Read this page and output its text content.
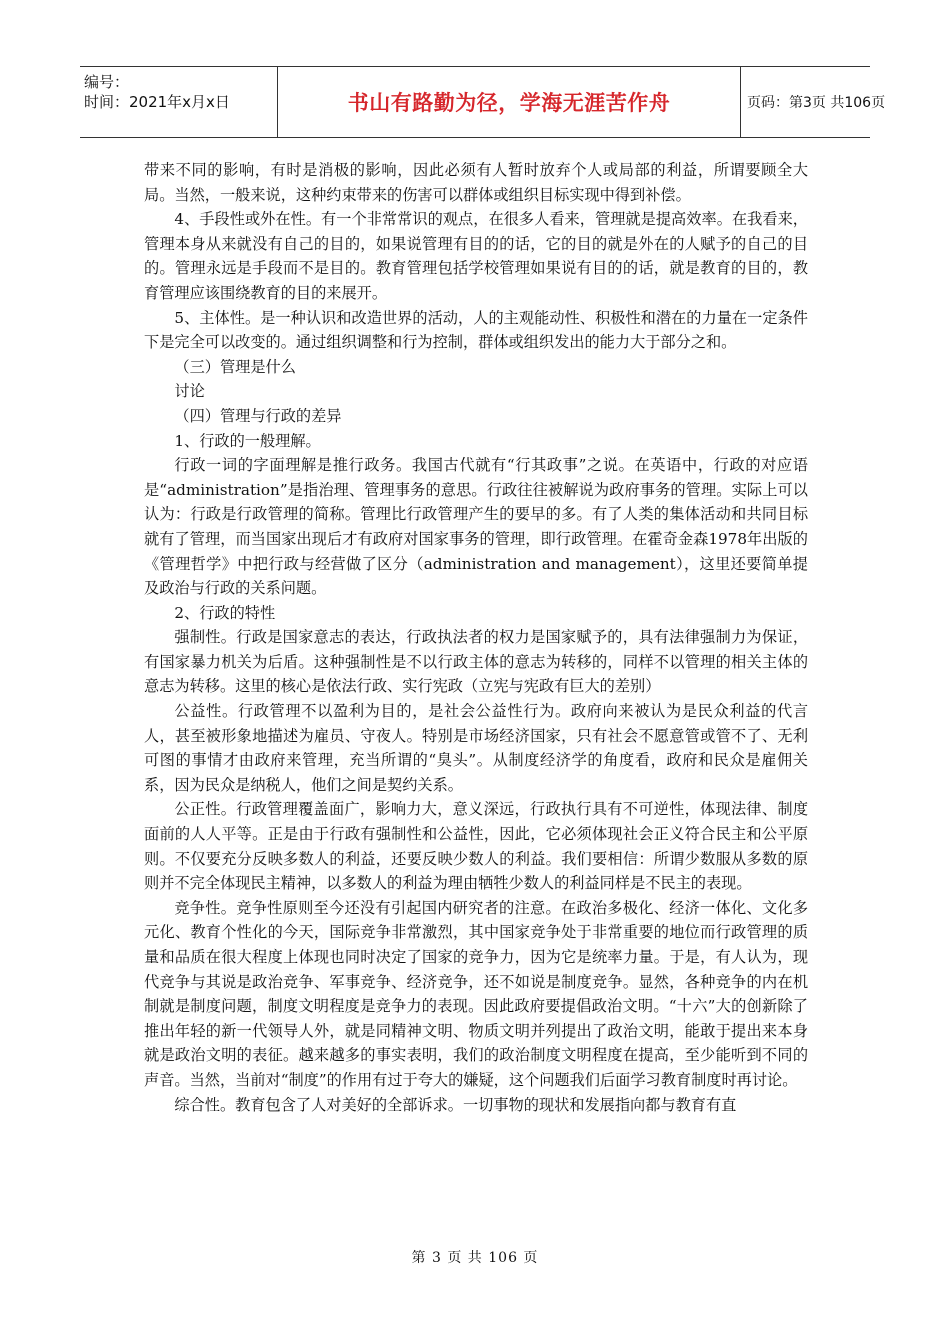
编号：
时间：2021年x月x日	书山有路勤为径，学海无涯苦作舟	页码：第3页 共106页

带来不同的影响，有时是消极的影响，因此必须有人暂时放弃个人或局部的利益，所谓要顾全大局。当然，一般来说，这种约束带来的伤害可以群体或组织目标实现中得到补偿。

4、手段性或外在性。有一个非常常识的观点，在很多人看来，管理就是提高效率。在我看来，管理本身从来就没有自己的目的，如果说管理有目的的话，它的目的就是外在的人赋予的自己的目的。管理永远是手段而不是目的。教育管理包括学校管理如果说有目的的话，就是教育的目的，教育管理应该围绕教育的目的来展开。

5、主体性。是一种认识和改造世界的活动，人的主观能动性、积极性和潜在的力量在一定条件下是完全可以改变的。通过组织调整和行为控制，群体或组织发出的能力大于部分之和。

（三）管理是什么

讨论

（四）管理与行政的差异

1、行政的一般理解。

行政一词的字面理解是推行政务。我国古代就有“行其政事”之说。在英语中，行政的对应语是“administration”是指治理、管理事务的意思。行政往往被解说为政府事务的管理。实际上可以认为：行政是行政管理的简称。管理比行政管理产生的要早的多。有了人类的集体活动和共同目标就有了管理，而当国家出现后才有政府对国家事务的管理，即行政管理。在霍奇金森1978年出版的《管理哲学》中把行政与经营做了区分（administration and management），这里还要简单提及政治与行政的关系问题。

2、行政的特性

强制性。行政是国家意志的表达，行政执法者的权力是国家赋予的，具有法律强制力为保证，有国家暴力机关为后盾。这种强制性是不以行政主体的意志为转移的，同样不以管理的相关主体的意志为转移。这里的核心是依法行政、实行宪政（立宪与宪政有巨大的差别）

公益性。行政管理不以盈利为目的，是社会公益性行为。政府向来被认为是民众利益的代言人，甚至被形象地描述为雇员、守夜人。特别是市场经济国家，只有社会不愿意管或管不了、无利可图的事情才由政府来管理，充当所谓的“臭头”。从制度经济学的角度看，政府和民众是雇佣关系，因为民众是纳税人，他们之间是契约关系。

公正性。行政管理覆盖面广，影响力大，意义深远，行政执行具有不可逆性，体现法律、制度面前的人人平等。正是由于行政有强制性和公益性，因此，它必须体现社会正义符合民主和公平原则。不仅要充分反映多数人的利益，还要反映少数人的利益。我们要相信：所谓少数服从多数的原则并不完全体现民主精神，以多数人的利益为理由牺牲少数人的利益同样是不民主的表现。

竞争性。竞争性原则至今还没有引起国内研究者的注意。在政治多极化、经济一体化、文化多元化、教育个性化的今天，国际竞争非常激烈，其中国家竞争处于非常重要的地位而行政管理的质量和品质在很大程度上体现也同时决定了国家的竞争力，因为它是统率力量。于是，有人认为，现代竞争与其说是政治竞争、军事竞争、经济竞争，还不如说是制度竞争。显然，各种竞争的内在机制就是制度问题，制度文明程度是竞争力的表现。因此政府要提倡政治文明。“十六”大的创新除了推出年轻的新一代领导人外，就是同精神文明、物质文明并列提出了政治文明，能敢于提出来本身就是政治文明的表征。越来越多的事实表明，我们的政治制度文明程度在提高，至少能听到不同的声音。当然，当前对“制度”的作用有过于夸大的嫌疑，这个问题我们后面学习教育制度时再讨论。

综合性。教育包含了人对美好的全部诉求。一切事物的现状和发展指向都与教育有直

第 3 页 共 106 页
